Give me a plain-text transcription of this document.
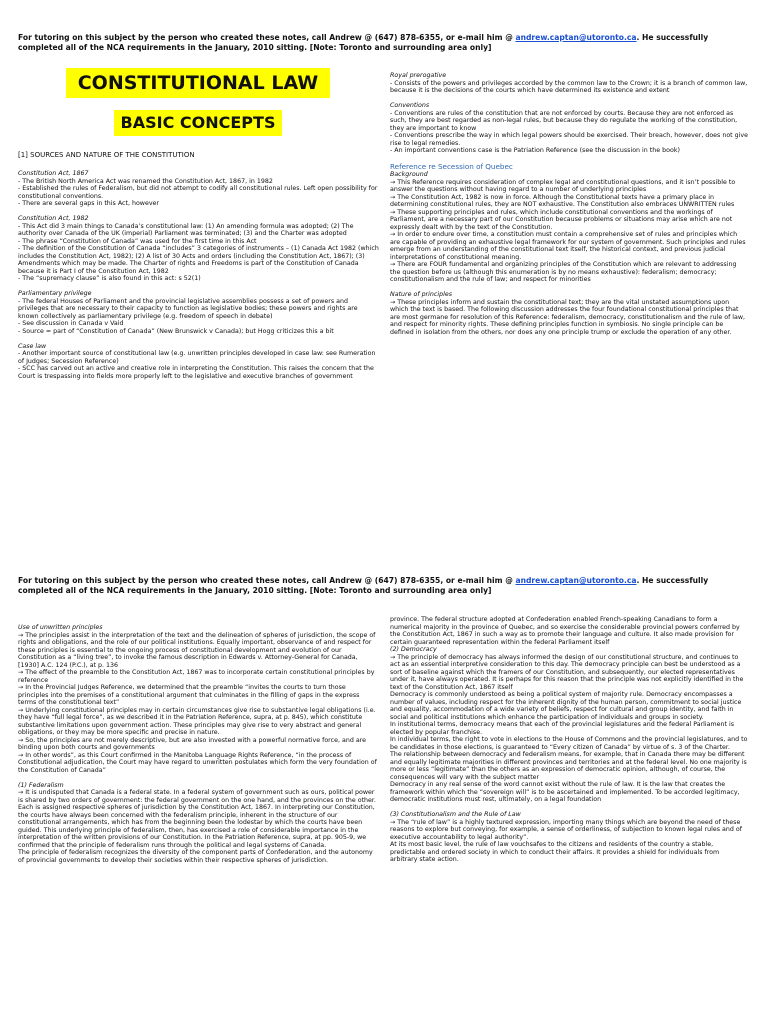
For tutoring on this subject by the person who created these notes, call Andrew @ (647) 878-6355, or e-mail him @ andrew.captan@utoronto.ca. He successfully completed all of the NCA requirements in the January, 2010 sitting. [Note: Toronto and surrounding area only]
CONSTITUTIONAL LAW
BASIC CONCEPTS
[1] SOURCES AND NATURE OF THE CONSTITUTION

Constitution Act, 1867

- The British North America Act was renamed the Constitution Act, 1867, in 1982

- Established the rules of Federalism, but did not attempt to codify all constitutional rules. Left open possibility for constitutional conventions.

- There are several gaps in this Act, however

Constitution Act, 1982

- This Act did 3 main things to Canada’s constitutional law: (1) An amending formula was adopted; (2) The authority over Canada of the UK (imperial) Parliament was terminated; (3) and the Charter was adopted

- The phrase “Constitution of Canada” was used for the first time in this Act

- The definition of the Constitution of Canada “includes” 3 categories of instruments – (1) Canada Act 1982 (which includes the Constitution Act, 1982); (2) A list of 30 Acts and orders (including the Constitution Act, 1867); (3) Amendments which may be made. The Charter of rights and Freedoms is part of the Constitution of Canada because it is Part I of the Constitution Act, 1982

- The “supremacy clause” is also found in this act: s 52(1)

Parliamentary privilege

- The federal Houses of Parliament and the provincial legislative assemblies possess a set of powers and privileges that are necessary to their capacity to function as legislative bodies; these powers and rights are known collectively as parliamentary privilege (e.g. freedom of speech in debate)

- See discussion in Canada v Vaid

- Source = part of “Constitution of Canada” (New Brunswick v Canada); but Hogg criticizes this a bit

Case law

- Another important source of constitutional law (e.g. unwritten principles developed in case law: see Rumeration of Judges; Secession Reference)

- SCC has carved out an active and creative role in interpreting the Constitution. This raises the concern that the Court is trespassing into fields more properly left to the legislative and executive branches of government

Royal prerogative

- Consists of the powers and privileges accorded by the common law to the Crown; it is a branch of common law, because it is the decisions of the courts which have determined its existence and extent

Conventions

- Conventions are rules of the constitution that are not enforced by courts. Because they are not enforced as such, they are best regarded as non-legal rules, but because they do regulate the working of the constitution, they are important to know

- Conventions prescribe the way in which legal powers should be exercised. Their breach, however, does not give rise to legal remedies.

- An important conventions case is the Patriation Reference (see the discussion in the book)

Reference re Secession of Quebec

Background

→ This Reference requires consideration of complex legal and constitutional questions, and it isn’t possible to answer the questions without having regard to a number of underlying principles

→ The Constitution Act, 1982 is now in force. Although the Constitutional texts have a primary place in determining constitutional rules, they are NOT exhaustive. The Constitution also embraces UNWRITTEN rules

→ These supporting principles and rules, which include constitutional conventions and the workings of Parliament, are a necessary part of our Constitution because problems or situations may arise which are not expressly dealt with by the text of the Constitution.

→ In order to endure over time, a constitution must contain a comprehensive set of rules and principles which are capable of providing an exhaustive legal framework for our system of government. Such principles and rules emerge from an understanding of the constitutional text itself, the historical context, and previous judicial interpretations of constitutional meaning.

→ There are FOUR fundamental and organizing principles of the Constitution which are relevant to addressing the question before us (although this enumeration is by no means exhaustive): federalism; democracy; constitutionalism and the rule of law; and respect for minorities

Nature of principles

→ These principles inform and sustain the constitutional text; they are the vital unstated assumptions upon which the text is based. The following discussion addresses the four foundational constitutional principles that are most germane for resolution of this Reference: federalism, democracy, constitutionalism and the rule of law, and respect for minority rights. These defining principles function in symbiosis. No single principle can be defined in isolation from the others, nor does any one principle trump or exclude the operation of any other.

For tutoring on this subject by the person who created these notes, call Andrew @ (647) 878-6355, or e-mail him @ andrew.captan@utoronto.ca. He successfully completed all of the NCA requirements in the January, 2010 sitting. [Note: Toronto and surrounding area only]

Use of unwritten principles

→ The principles assist in the interpretation of the text and the delineation of spheres of jurisdiction, the scope of rights and obligations, and the role of our political institutions. Equally important, observance of and respect for these principles is essential to the ongoing process of constitutional development and evolution of our Constitution as a “living tree”, to invoke the famous description in Edwards v. Attorney-General for Canada, [1930] A.C. 124 (P.C.), at p. 136

→ The effect of the preamble to the Constitution Act, 1867 was to incorporate certain constitutional principles by reference

→ In the Provincial Judges Reference, we determined that the preamble “invites the courts to turn those principles into the premises of a constitutional argument that culminates in the filling of gaps in the express terms of the constitutional text”

→ Underlying constitutional principles may in certain circumstances give rise to substantive legal obligations (i.e. they have “full legal force”, as we described it in the Patriation Reference, supra, at p. 845), which constitute substantive limitations upon government action. These principles may give rise to very abstract and general obligations, or they may be more specific and precise in nature.

→ So, the principles are not merely descriptive, but are also invested with a powerful normative force, and are binding upon both courts and governments

→ In other words”, as this Court confirmed in the Manitoba Language Rights Reference, “in the process of Constitutional adjudication, the Court may have regard to unwritten postulates which form the very foundation of the Constitution of Canada”

(1) Federalism

→ It is undisputed that Canada is a federal state. In a federal system of government such as ours, political power is shared by two orders of government: the federal government on the one hand, and the provinces on the other. Each is assigned respective spheres of jurisdiction by the Constitution Act, 1867. In interpreting our Constitution, the courts have always been concerned with the federalism principle, inherent in the structure of our constitutional arrangements, which has from the beginning been the lodestar by which the courts have been guided. This underlying principle of federalism, then, has exercised a role of considerable importance in the interpretation of the written provisions of our Constitution. In the Patriation Reference, supra, at pp. 905-9, we confirmed that the principle of federalism runs through the political and legal systems of Canada.

The principle of federalism recognizes the diversity of the component parts of Confederation, and the autonomy of provincial governments to develop their societies within their respective spheres of jurisdiction.

province. The federal structure adopted at Confederation enabled French-speaking Canadians to form a numerical majority in the province of Quebec, and so exercise the considerable provincial powers conferred by the Constitution Act, 1867 in such a way as to promote their language and culture. It also made provision for certain guaranteed representation within the federal Parliament itself

(2) Democracy

→ The principle of democracy has always informed the design of our constitutional structure, and continues to act as an essential interpretive consideration to this day. The democracy principle can best be understood as a sort of baseline against which the framers of our Constitution, and subsequently, our elected representatives under it, have always operated. It is perhaps for this reason that the principle was not explicitly identified in the text of the Constitution Act, 1867 itself

Democracy is commonly understood as being a political system of majority rule. Democracy encompasses a number of values, including respect for the inherent dignity of the human person, commitment to social justice and equality, accommodation of a wide variety of beliefs, respect for cultural and group identity, and faith in social and political institutions which enhance the participation of individuals and groups in society.

In institutional terms, democracy means that each of the provincial legislatures and the federal Parliament is elected by popular franchise.

In individual terms, the right to vote in elections to the House of Commons and the provincial legislatures, and to be candidates in those elections, is guaranteed to “Every citizen of Canada” by virtue of s. 3 of the Charter.

The relationship between democracy and federalism means, for example, that in Canada there may be different and equally legitimate majorities in different provinces and territories and at the federal level. No one majority is more or less “legitimate” than the others as an expression of democratic opinion, although, of course, the consequences will vary with the subject matter

Democracy in any real sense of the word cannot exist without the rule of law. It is the law that creates the framework within which the “sovereign will” is to be ascertained and implemented. To be accorded legitimacy, democratic institutions must rest, ultimately, on a legal foundation

(3) Constitutionalism and the Rule of Law

→ The “rule of law” is a highly textured expression, importing many things which are beyond the need of these reasons to explore but conveying, for example, a sense of orderliness, of subjection to known legal rules and of executive accountability to legal authority”.

At its most basic level, the rule of law vouchsafes to the citizens and residents of the country a stable, predictable and ordered society in which to conduct their affairs. It provides a shield for individuals from arbitrary state action.
